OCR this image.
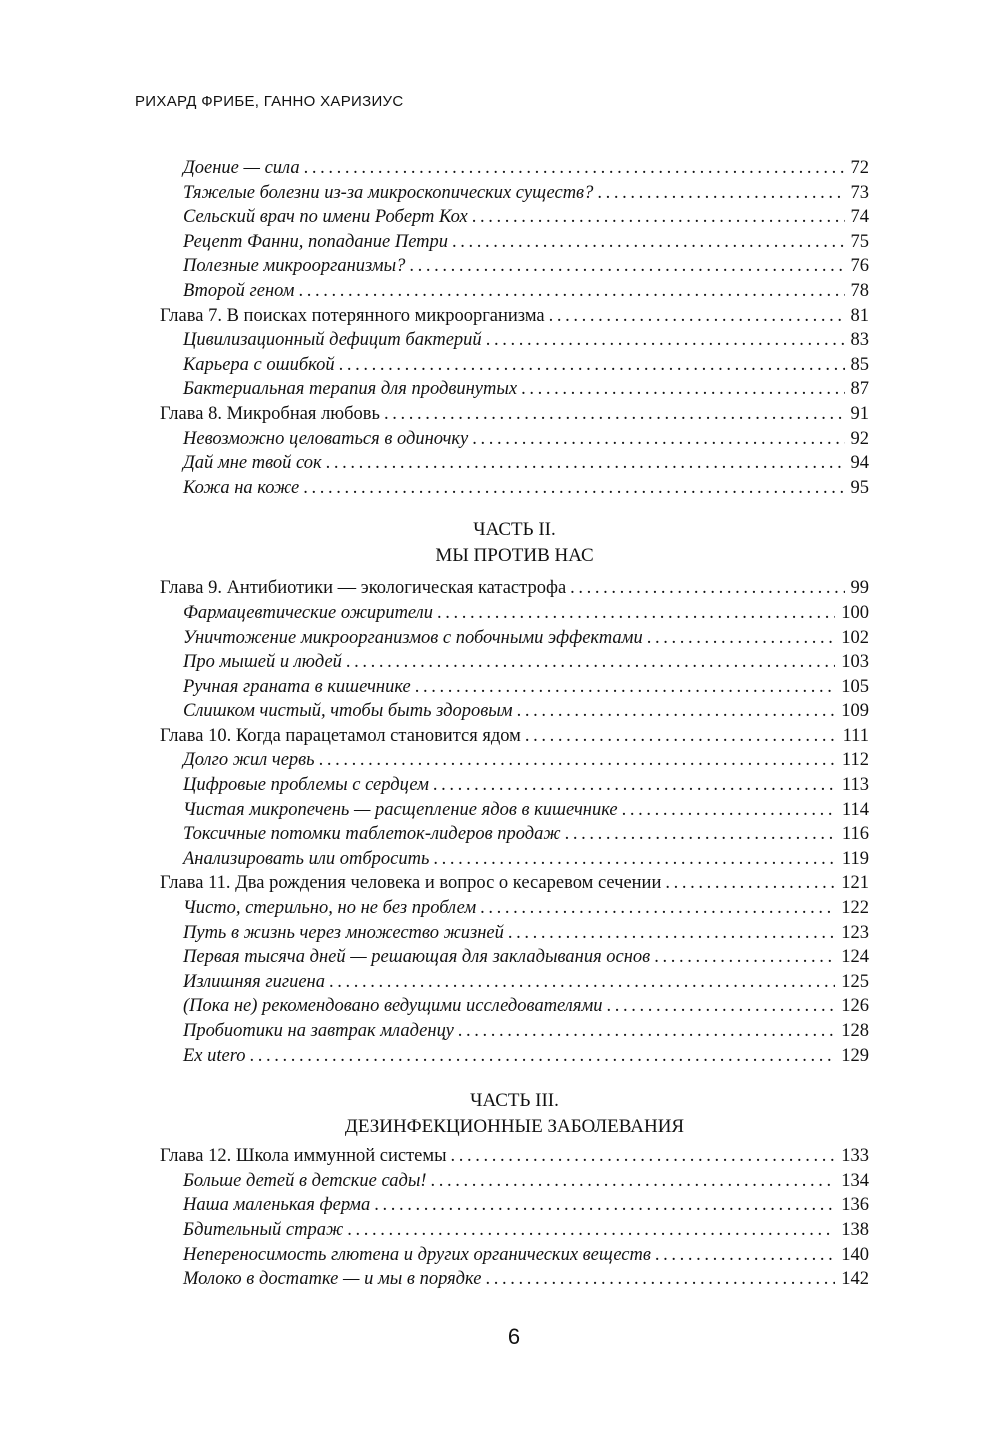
РИХАРД ФРИБЕ, ГАННО ХАРИЗИУС
Доение — сила . . .	72
Тяжелые болезни из-за микроскопических существ? . . .	73
Сельский врач по имени Роберт Кох . . .	74
Рецепт Фанни, попадание Петри . . .	75
Полезные микроорганизмы? . . .	76
Второй геном . . .	78
Глава 7. В поисках потерянного микроорганизма . . .	81
Цивилизационный дефицит бактерий . . .	83
Карьера с ошибкой . . .	85
Бактериальная терапия для продвинутых . . .	87
Глава 8. Микробная любовь . . .	91
Невозможно целоваться в одиночку . . .	92
Дай мне твой сок . . .	94
Кожа на коже . . .	95
ЧАСТЬ II.
МЫ ПРОТИВ НАС
Глава 9. Антибиотики — экологическая катастрофа . . .	99
Фармацевтические ожирители . . .	100
Уничтожение микроорганизмов с побочными эффектами . . .	102
Про мышей и людей . . .	103
Ручная граната в кишечнике . . .	105
Слишком чистый, чтобы быть здоровым . . .	109
Глава 10. Когда парацетамол становится ядом . . .	111
Долго жил червь . . .	112
Цифровые проблемы с сердцем . . .	113
Чистая микропечень — расщепление ядов в кишечнике . . .	114
Токсичные потомки таблеток-лидеров продаж . . .	116
Анализировать или отбросить . . .	119
Глава 11. Два рождения человека и вопрос о кесаревом сечении . . .	121
Чисто, стерильно, но не без проблем . . .	122
Путь в жизнь через множество жизней . . .	123
Первая тысяча дней — решающая для закладывания основ . . .	124
Излишняя гигиена . . .	125
(Пока не) рекомендовано ведущими исследователями . . .	126
Пробиотики на завтрак младенцу . . .	128
Ex utero . . .	129
ЧАСТЬ III.
ДЕЗИНФЕКЦИОННЫЕ ЗАБОЛЕВАНИЯ
Глава 12. Школа иммунной системы . . .	133
Больше детей в детские сады! . . .	134
Наша маленькая ферма . . .	136
Бдительный страж . . .	138
Непереносимость глютена и других органических веществ . . .	140
Молоко в достатке — и мы в порядке . . .	142
6
